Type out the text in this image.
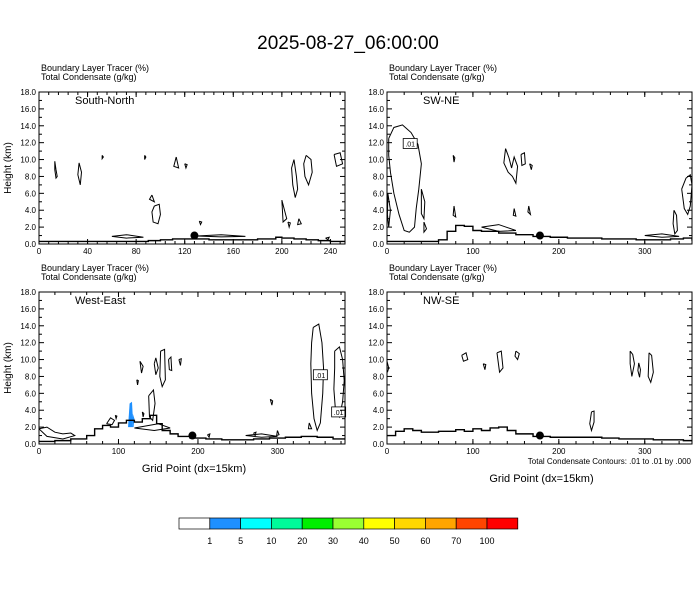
2025-08-27_06:00:00
Boundary Layer Tracer (%)
Total Condensate (g/kg)
South-North
0.0
2.0
4.0
6.0
8.0
10.0
12.0
14.0
16.0
18.0
0	40	80	120	160	200	240
Height (km)
Boundary Layer Tracer (%)
Total Condensate (g/kg)
.01
SW-NE
0.0
2.0
4.0
6.0
8.0
10.0
12.0
14.0
16.0
18.0
0	100	200	300
Boundary Layer Tracer (%)
Total Condensate (g/kg)
.01
.01
West-East
0.0
2.0
4.0
6.0
8.0
10.0
12.0
14.0
16.0
18.0
0	100	200	300
Height (km)
Grid Point (dx=15km)
Boundary Layer Tracer (%)
Total Condensate (g/kg)
NW-SE
0.0
2.0
4.0
6.0
8.0
10.0
12.0
14.0
16.0
18.0
0	100	200	300
Grid Point (dx=15km)
Total Condensate Contours: .01 to .01 by .000
1	5	10 20 30 40 50 60 70 100
